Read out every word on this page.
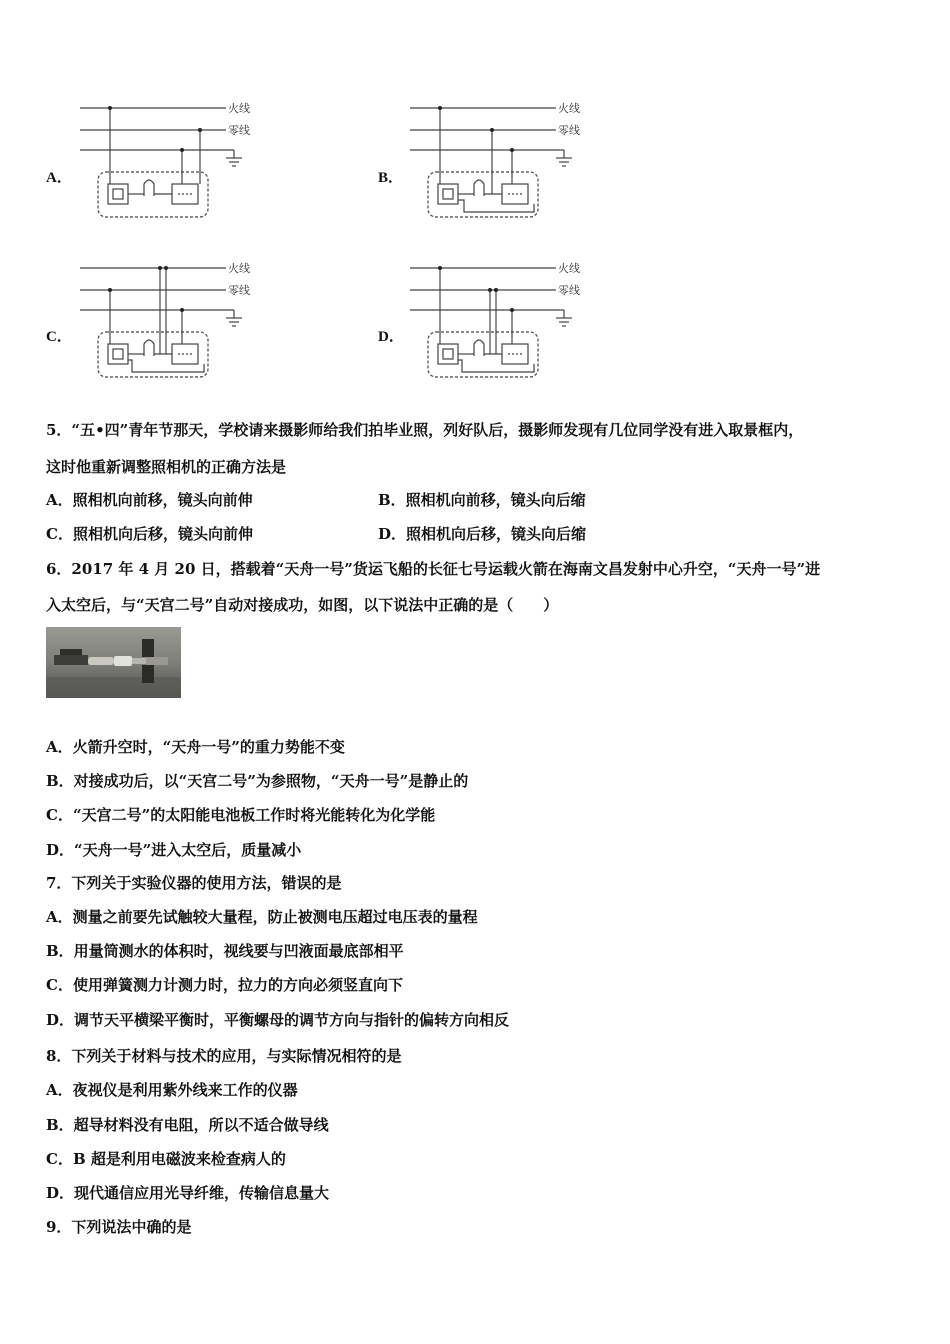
A．	B．
C．	D．
火线
零线
火线
零线
火线
零线
火线
零线
5．“五•四”青年节那天，学校请来摄影师给我们拍毕业照，列好队后，摄影师发现有几位同学没有进入取景框内，
这时他重新调整照相机的正确方法是
A．照相机向前移，镜头向前伸	B．照相机向前移，镜头向后缩
C．照相机向后移，镜头向前伸	D．照相机向后移，镜头向后缩
6．2017 年 4 月 20 日，搭载着“天舟一号”货运飞船的长征七号运载火箭在海南文昌发射中心升空，“天舟一号”进
入太空后，与“天宫二号”自动对接成功，如图，以下说法中正确的是（　　）
A．火箭升空时，“天舟一号”的重力势能不变
B．对接成功后，以“天宫二号”为参照物，“天舟一号”是静止的
C．“天宫二号”的太阳能电池板工作时将光能转化为化学能
D．“天舟一号”进入太空后，质量减小
7．下列关于实验仪器的使用方法，错误的是
A．测量之前要先试触较大量程，防止被测电压超过电压表的量程
B．用量筒测水的体积时，视线要与凹液面最底部相平
C．使用弹簧测力计测力时，拉力的方向必须竖直向下
D．调节天平横梁平衡时，平衡螺母的调节方向与指针的偏转方向相反
8．下列关于材料与技术的应用，与实际情况相符的是
A．夜视仪是利用紫外线来工作的仪器
B．超导材料没有电阻，所以不适合做导线
C．B 超是利用电磁波来检查病人的
D．现代通信应用光导纤维，传输信息量大
9．下列说法中确的是
